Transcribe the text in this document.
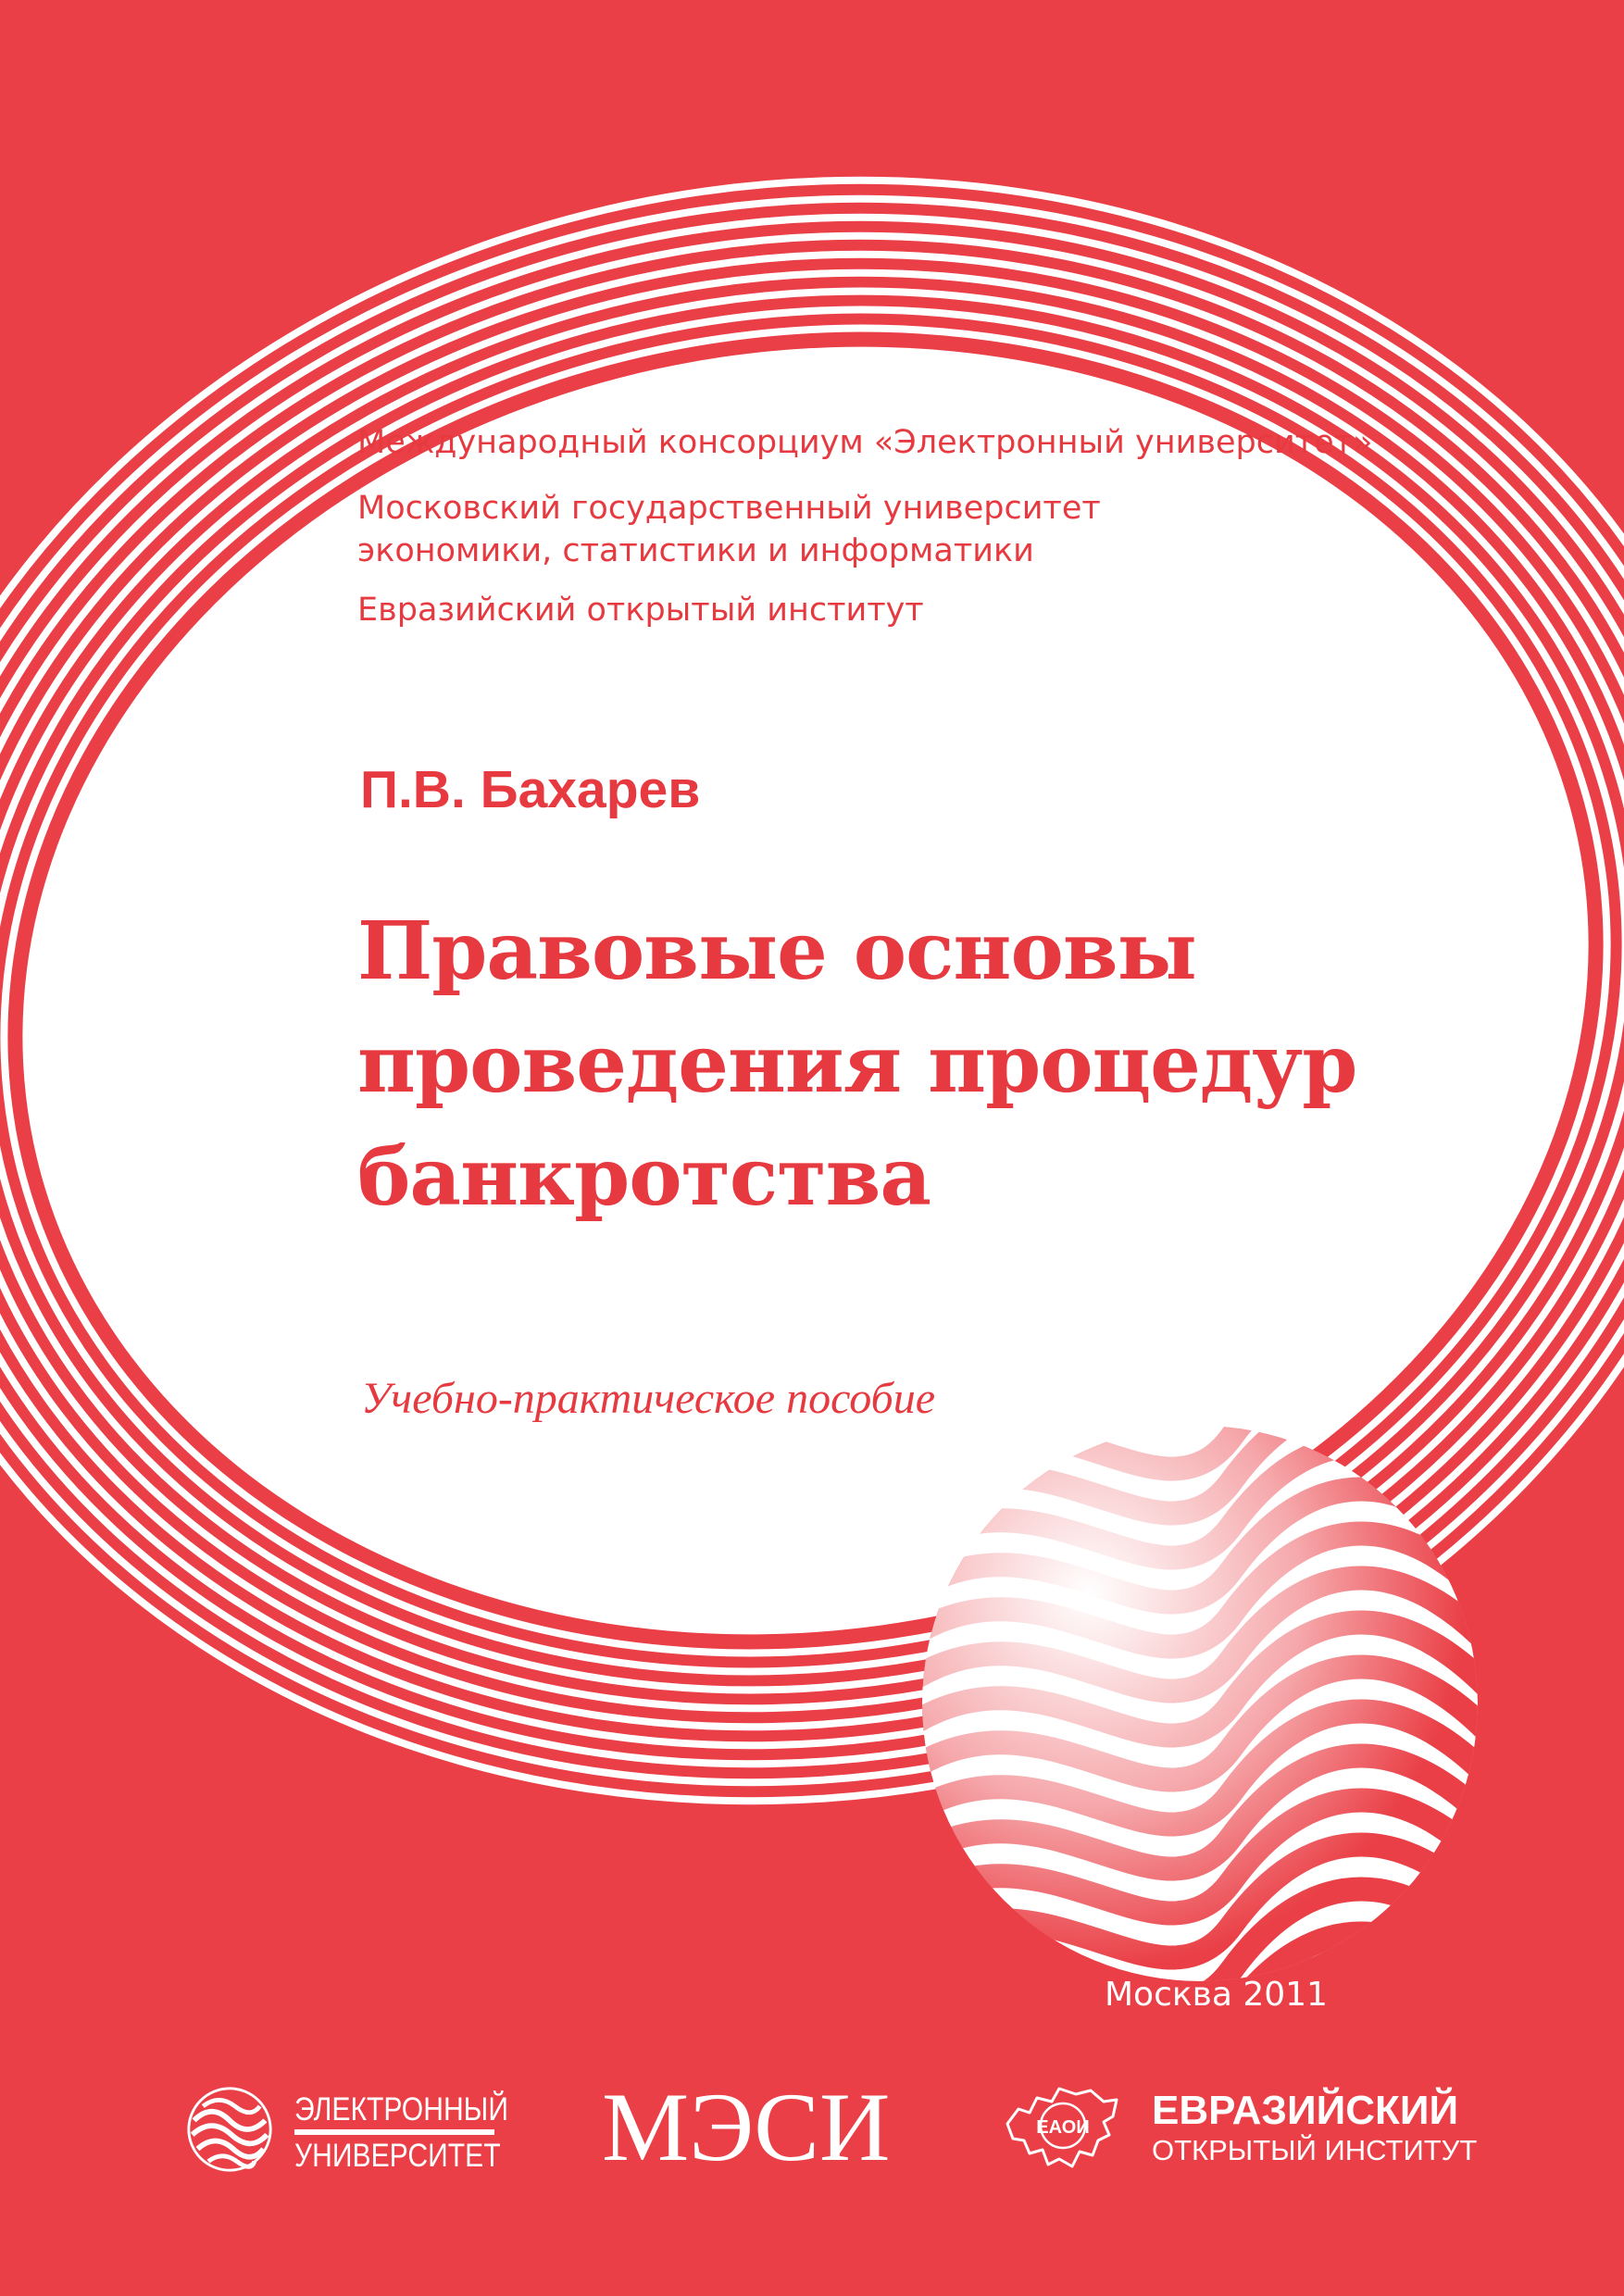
Международный консорциум «Электронный университет»
Московский государственный университет
экономики, статистики и информатики
Евразийский открытый институт
П.В. Бахарев
Правовые основы
проведения процедур
банкротства
Учебно-практическое пособие
Москва 2011
ЭЛЕКТРОННЫЙ
УНИВЕРСИТЕТ МЭСИ	ЕАОИ ЕВРАЗИЙСКИЙ
ОТКРЫТЫЙ ИНСТИТУТ
